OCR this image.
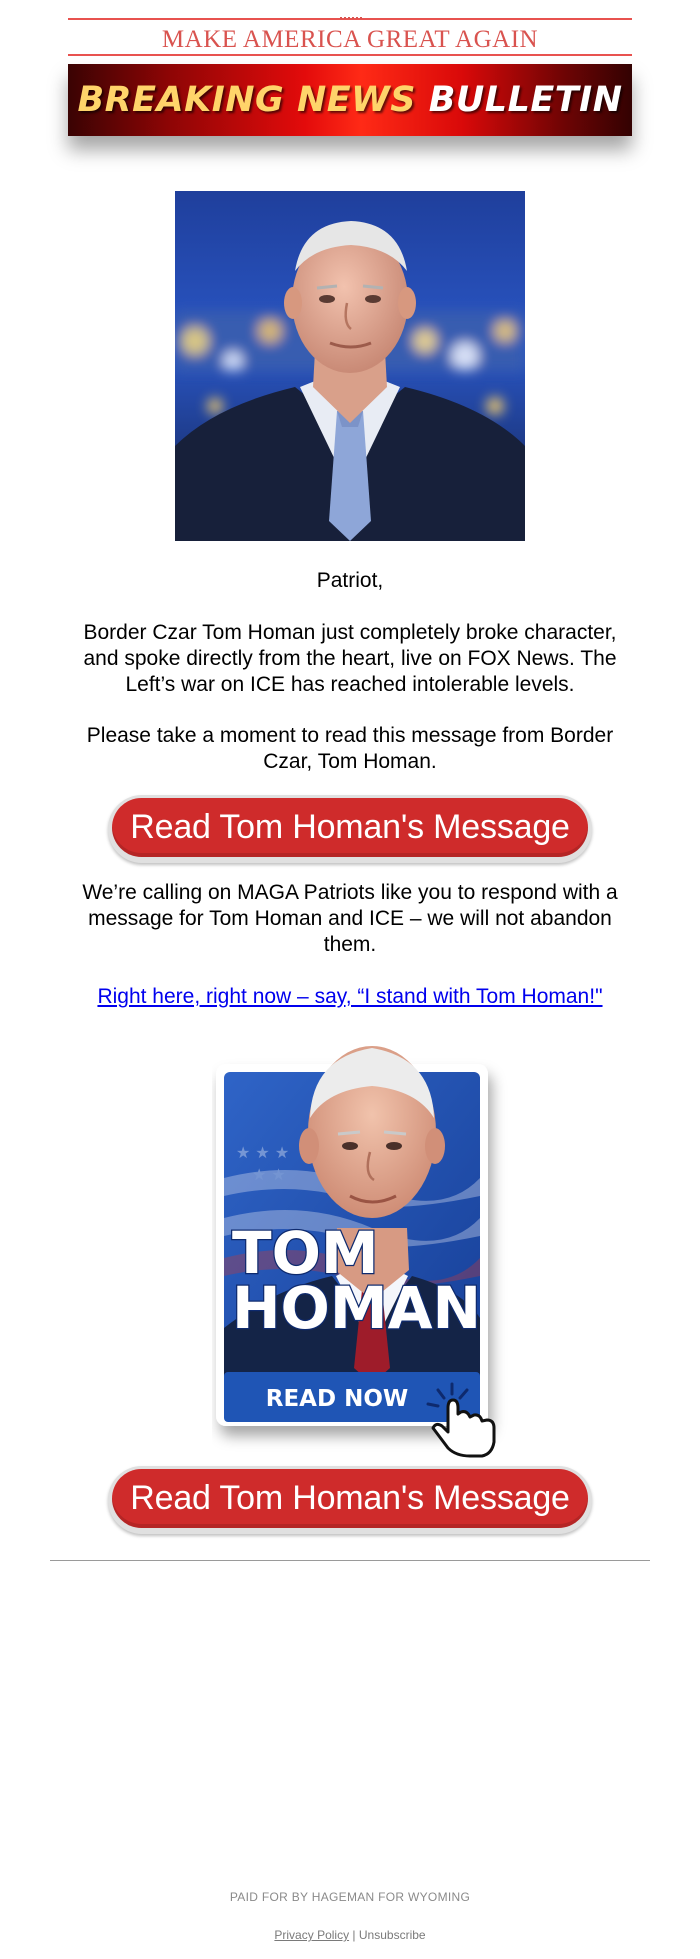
MAKE AMERICA GREAT AGAIN
BREAKING NEWS BULLETIN
Patriot,
Border Czar Tom Homan just completely broke character, and spoke directly from the heart, live on FOX News. The Left’s war on ICE has reached intolerable levels.
Please take a moment to read this message from Border Czar, Tom Homan.
Read Tom Homan's Message
We’re calling on MAGA Patriots like you to respond with a message for Tom Homan and ICE – we will not abandon them.
Right here, right now – say, “I stand with Tom Homan!"
★ ★ ★
★ ★
TOM
HOMAN
READ NOW
Read Tom Homan's Message
PAID FOR BY HAGEMAN FOR WYOMING
Privacy Policy | Unsubscribe
